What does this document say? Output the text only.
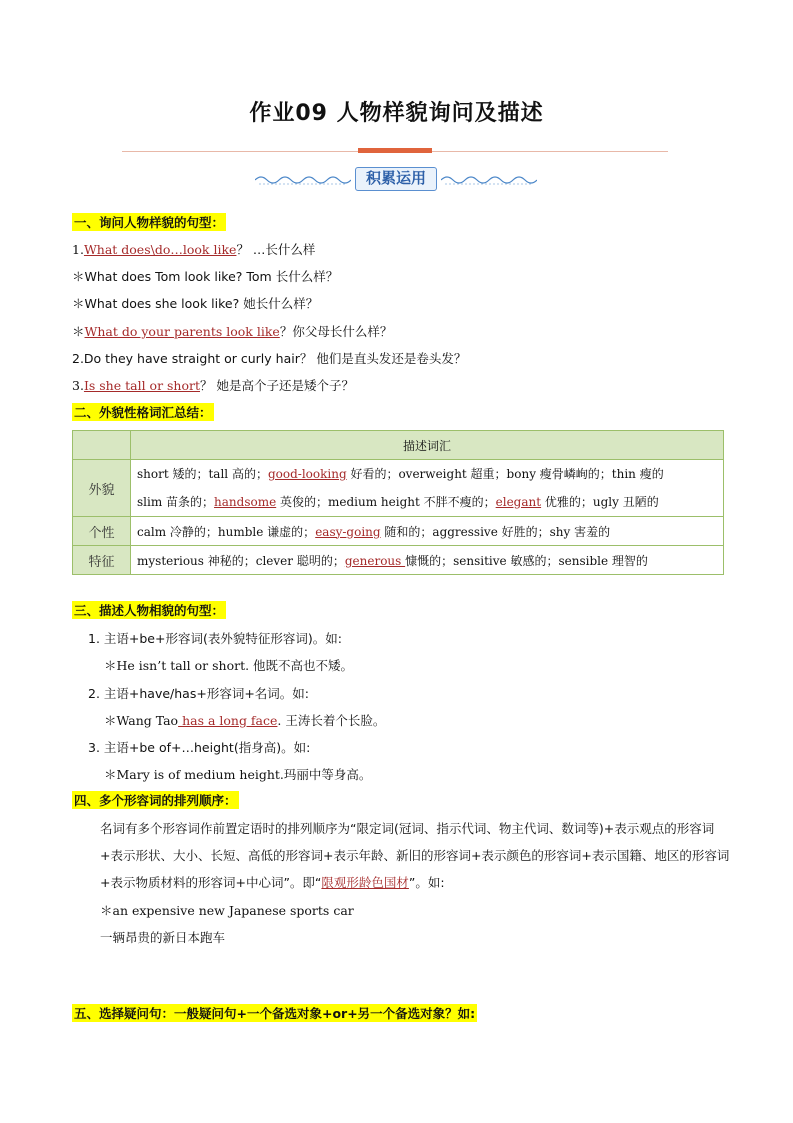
作业09 人物样貌询问及描述
积累运用
一、询问人物样貌的句型：
1.What does\do…look like？ …长什么样
＊What does Tom look like? Tom 长什么样？
＊What does she look like? 她长什么样？
＊What do your parents look like？你父母长什么样？
2.Do they have straight or curly hair？ 他们是直头发还是卷头发？
3.Is she tall or short？ 她是高个子还是矮个子？
二、外貌性格词汇总结：
	描述词汇
外貌	short 矮的；tall 高的；good-looking 好看的；overweight 超重；bony 瘦骨嶙峋的；thin 瘦的
slim 苗条的；handsome 英俊的；medium height 不胖不瘦的；elegant 优雅的；ugly 丑陋的

个性	calm 冷静的；humble 谦虚的；easy-going 随和的；aggressive 好胜的；shy 害羞的
特征	mysterious 神秘的；clever 聪明的；generous 慷慨的；sensitive 敏感的；sensible 理智的
三、描述人物相貌的句型：
1. 主语+be+形容词(表外貌特征形容词)。如:
＊He isn’t tall or short. 他既不高也不矮。
2. 主语+have/has+形容词+名词。如:
＊Wang Tao has a long face. 王涛长着个长脸。
3. 主语+be of+…height(指身高)。如:
＊Mary is of medium height.玛丽中等身高。
四、多个形容词的排列顺序：
名词有多个形容词作前置定语时的排列顺序为“限定词(冠词、指示代词、物主代词、数词等)+表示观点的形容词+表示形状、大小、长短、高低的形容词+表示年龄、新旧的形容词+表示颜色的形容词+表示国籍、地区的形容词+表示物质材料的形容词+中心词”。即“限观形龄色国材”。如:
＊an expensive new Japanese sports car
一辆昂贵的新日本跑车
五、选择疑问句：一般疑问句+一个备选对象+or+另一个备选对象？如:
